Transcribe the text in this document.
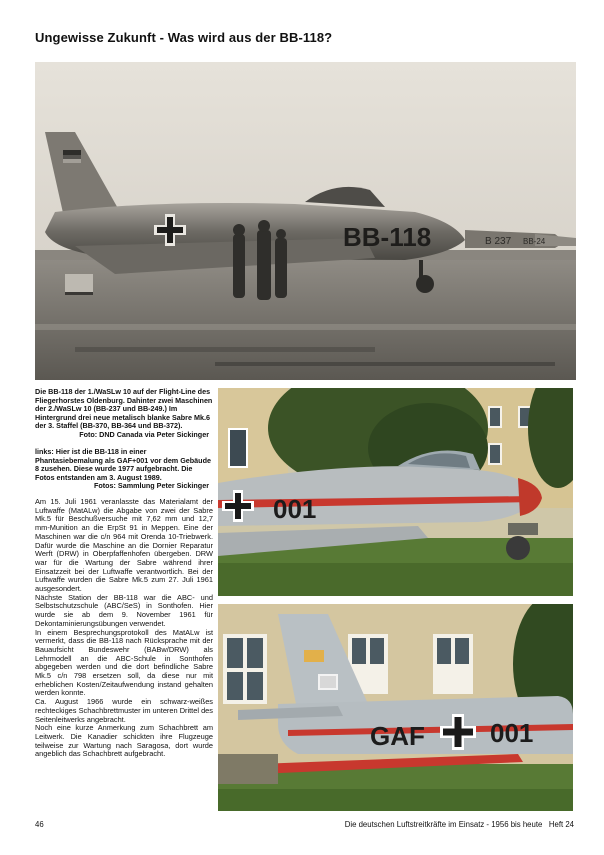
Ungewisse Zukunft - Was wird aus der BB-118?
B 237 BB-24
BB-118
Die BB-118 der 1./WaSLw 10 auf der Flight-Line des Fliegerhorstes Oldenburg. Dahinter zwei Maschinen der 2./WaSLw 10 (BB-237 und BB-249.) Im Hintergrund drei neue metalisch blanke Sabre Mk.6 der 3. Staffel (BB-370, BB-364 und BB-372).
Foto: DND Canada via Peter Sickinger
links: Hier ist die BB-118 in einer Phantasiebemalung als GAF+001 vor dem Gebäude 8 zusehen. Diese wurde 1977 aufgebracht. Die Fotos entstanden am 3. August 1989.
Fotos: Sammlung Peter Sickinger
001
GAF	001

Am 15. Juli 1961 veranlasste das Materialamt der Luftwaffe (MatALw) die Abgabe von zwei der Sabre Mk.5 für Beschußversuche mit 7,62 mm und 12,7 mm-Munition an die ErpSt 91 in Meppen. Eine der Maschinen war die c/n 964 mit Orenda 10-Triebwerk. Dafür wurde die Maschine an die Dornier Reparatur Werft (DRW) in Oberpfaffenhofen übergeben. DRW war für die Wartung der Sabre während ihrer Einsatzzeit bei der Luftwaffe verantwortlich. Bei der Luftwaffe wurden die Sabre Mk.5 zum 27. Juli 1961 ausgesondert.

Nächste Station der BB-118 war die ABC- und Selbstschutzschule (ABC/SeS) in Sonthofen. Hier wurde sie ab dem 9. November 1961 für Dekontaminierungsübungen verwendet.

In einem Besprechungsprotokoll des MatALw ist vermerkt, dass die BB-118 nach Rücksprache mit der Bauaufsicht Bundeswehr (BABw/DRW) als Lehrmodell an die ABC-Schule in Sonthofen abgegeben werden und die dort befindliche Sabre Mk.5 c/n 798 ersetzen soll, da diese nur mit erheblichen Kosten/Zeitaufwendung instand gehalten werden konnte.

Ca. August 1966 wurde ein schwarz-weißes rechteckiges Schachbrettmuster im unteren Drittel des Seitenleitwerks angebracht.

Noch eine kurze Anmerkung zum Schachbrett am Leitwerk. Die Kanadier schickten ihre Flugzeuge teilweise zur Wartung nach Saragosa, dort wurde angeblich das Schachbrett aufgebracht.

46	Die deutschen Luftstreitkräfte im Einsatz - 1956 bis heute Heft 24
